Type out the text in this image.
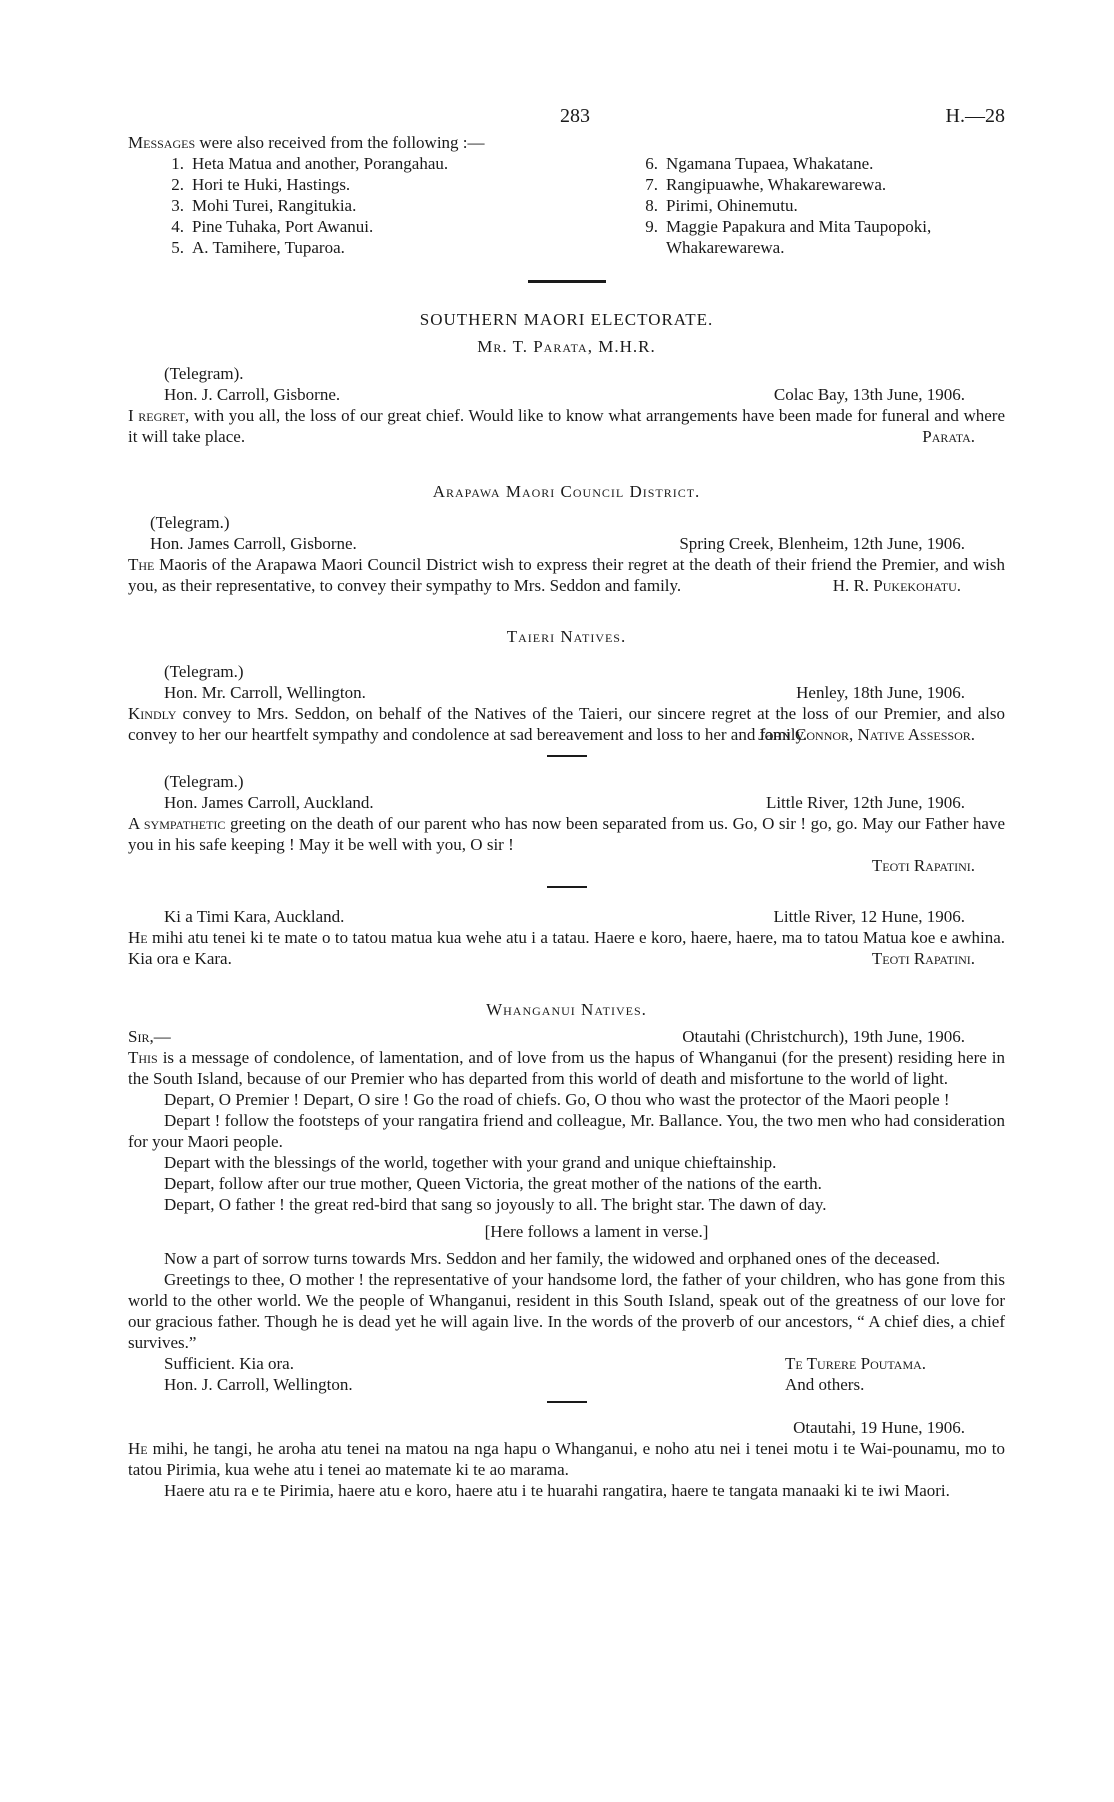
283	H.—28

Messages were also received from the following :—

1. Heta Matua and another, Porangahau.
2. Hori te Huki, Hastings.
3. Mohi Turei, Rangitukia.
4. Pine Tuhaka, Port Awanui.
5. A. Tamihere, Tuparoa.
6. Ngamana Tupaea, Whakatane.
7. Rangipuawhe, Whakarewarewa.
8. Pirimi, Ohinemutu.
9. Maggie Papakura and Mita Taupopoki, Whakarewarewa.
SOUTHERN MAORI ELECTORATE.
Mr. T. Parata, M.H.R.
(Telegram).
Hon. J. Carroll, Gisborne.	Colac Bay, 13th June, 1906.

I regret, with you all, the loss of our great chief. Would like to know what arrangements have been made for funeral and where it will take place.	Parata.
Arapawa Maori Council District.
(Telegram.)
Hon. James Carroll, Gisborne.	Spring Creek, Blenheim, 12th June, 1906.

The Maoris of the Arapawa Maori Council District wish to express their regret at the death of their friend the Premier, and wish you, as their representative, to convey their sympathy to Mrs. Seddon and family.	H. R. Pukekohatu.
Taieri Natives.
(Telegram.)
Hon. Mr. Carroll, Wellington.	Henley, 18th June, 1906.

Kindly convey to Mrs. Seddon, on behalf of the Natives of the Taieri, our sincere regret at the loss of our Premier, and also convey to her our heartfelt sympathy and condolence at sad bereavement and loss to her and family.

John Connor, Native Assessor.
(Telegram.)
Hon. James Carroll, Auckland.	Little River, 12th June, 1906.

A sympathetic greeting on the death of our parent who has now been separated from us. Go, O sir ! go, go. May our Father have you in his safe keeping ! May it be well with you, O sir !

Teoti Rapatini.
Ki a Timi Kara, Auckland.	Little River, 12 Hune, 1906.

He mihi atu tenei ki te mate o to tatou matua kua wehe atu i a tatau. Haere e koro, haere, haere, ma to tatou Matua koe e awhina. Kia ora e Kara.	Teoti Rapatini.
Whanganui Natives.
Sir,—	Otautahi (Christchurch), 19th June, 1906.

This is a message of condolence, of lamentation, and of love from us the hapus of Whanganui (for the present) residing here in the South Island, because of our Premier who has departed from this world of death and misfortune to the world of light.

Depart, O Premier ! Depart, O sire ! Go the road of chiefs. Go, O thou who wast the protector of the Maori people !

Depart ! follow the footsteps of your rangatira friend and colleague, Mr. Ballance. You, the two men who had consideration for your Maori people.

Depart with the blessings of the world, together with your grand and unique chieftainship.

Depart, follow after our true mother, Queen Victoria, the great mother of the nations of the earth.

Depart, O father ! the great red-bird that sang so joyously to all. The bright star. The dawn of day.

[Here follows a lament in verse.]

Now a part of sorrow turns towards Mrs. Seddon and her family, the widowed and orphaned ones of the deceased.

Greetings to thee, O mother ! the representative of your handsome lord, the father of your children, who has gone from this world to the other world. We the people of Whanganui, resident in this South Island, speak out of the greatness of our love for our gracious father. Though he is dead yet he will again live. In the words of the proverb of our ancestors, “ A chief dies, a chief survives.”

Sufficient. Kia ora.	Te Turere Poutama.
Hon. J. Carroll, Wellington.	And others.
Otautahi, 19 Hune, 1906.

He mihi, he tangi, he aroha atu tenei na matou na nga hapu o Whanganui, e noho atu nei i tenei motu i te Wai-pounamu, mo to tatou Pirimia, kua wehe atu i tenei ao matemate ki te ao marama.

Haere atu ra e te Pirimia, haere atu e koro, haere atu i te huarahi rangatira, haere te tangata manaaki ki te iwi Maori.
